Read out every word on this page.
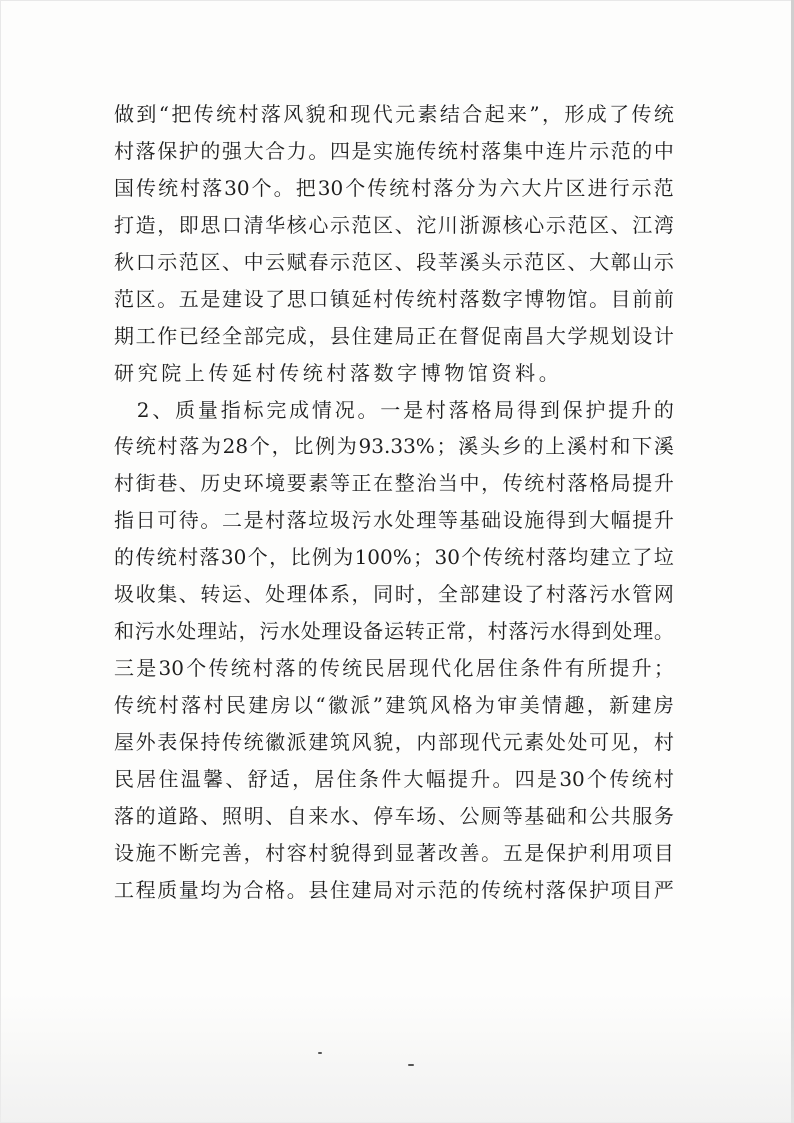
做 到 “ 把 传 统 村 落 风 貌 和 现 代 元 素 结 合 起 来 ” ， 形 成 了 传 统
村 落 保 护 的 强 大 合 力 。 四 是 实 施 传 统 村 落 集 中 连 片 示 范 的 中
国 传 统 村 落 30 个 。 把 30 个 传 统 村 落 分 为 六 大 片 区 进 行 示 范
打 造 ， 即 思 口 清 华 核 心 示 范 区 、 沱 川 浙 源 核 心 示 范 区 、 江 湾
秋 口 示 范 区 、 中 云 赋 春 示 范 区 、 段 莘 溪 头 示 范 区 、 大 鄣 山 示
范 区 。 五 是 建 设 了 思 口 镇 延 村 传 统 村 落 数 字 博 物 馆 。 目 前 前
期 工 作 已 经 全 部 完 成 ， 县 住 建 局 正 在 督 促 南 昌 大 学 规 划 设 计
研 究 院 上 传 延 村 传 统 村 落 数 字 博 物 馆 资 料 。

2 、 质 量 指 标 完 成 情 况 。 一 是 村 落 格 局 得 到 保 护 提 升 的
传 统 村 落 为 28 个 ， 比 例 为 93.33% ； 溪 头 乡 的 上 溪 村 和 下 溪
村 街 巷 、 历 史 环 境 要 素 等 正 在 整 治 当 中 ， 传 统 村 落 格 局 提 升
指 日 可 待 。 二 是 村 落 垃 圾 污 水 处 理 等 基 础 设 施 得 到 大 幅 提 升
的 传 统 村 落 30 个 ， 比 例 为 100% ； 30 个 传 统 村 落 均 建 立 了 垃
圾 收 集 、 转 运 、 处 理 体 系 ， 同 时 ， 全 部 建 设 了 村 落 污 水 管 网
和 污 水 处 理 站 ， 污 水 处 理 设 备 运 转 正 常 ， 村 落 污 水 得 到 处 理 。
三 是 30 个 传 统 村 落 的 传 统 民 居 现 代 化 居 住 条 件 有 所 提 升 ；
传 统 村 落 村 民 建 房 以 “ 徽 派 ” 建 筑 风 格 为 审 美 情 趣 ， 新 建 房
屋 外 表 保 持 传 统 徽 派 建 筑 风 貌 ， 内 部 现 代 元 素 处 处 可 见 ， 村
民 居 住 温 馨 、 舒 适 ， 居 住 条 件 大 幅 提 升 。 四 是 30 个 传 统 村
落 的 道 路 、 照 明 、 自 来 水 、 停 车 场 、 公 厕 等 基 础 和 公 共 服 务
设 施 不 断 完 善 ， 村 容 村 貌 得 到 显 著 改 善 。 五 是 保 护 利 用 项 目
工 程 质 量 均 为 合 格 。 县 住 建 局 对 示 范 的 传 统 村 落 保 护 项 目 严
